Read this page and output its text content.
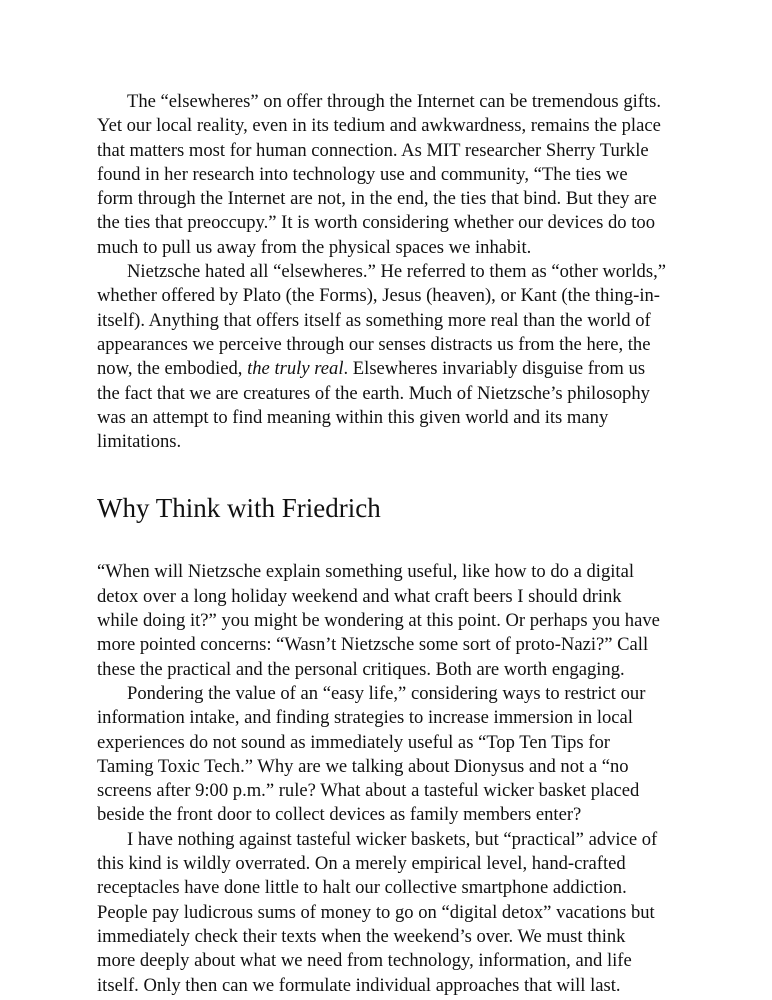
The “elsewheres” on offer through the Internet can be tremendous gifts.
Yet our local reality, even in its tedium and awkwardness, remains the place
that matters most for human connection. As MIT researcher Sherry Turkle
found in her research into technology use and community, “The ties we
form through the Internet are not, in the end, the ties that bind. But they are
the ties that preoccupy.” It is worth considering whether our devices do too
much to pull us away from the physical spaces we inhabit.

Nietzsche hated all “elsewheres.” He referred to them as “other worlds,”
whether offered by Plato (the Forms), Jesus (heaven), or Kant (the thing-in-
itself). Anything that offers itself as something more real than the world of
appearances we perceive through our senses distracts us from the here, the
now, the embodied, the truly real. Elsewheres invariably disguise from us
the fact that we are creatures of the earth. Much of Nietzsche’s philosophy
was an attempt to find meaning within this given world and its many
limitations.

Why Think with Friedrich

“When will Nietzsche explain something useful, like how to do a digital
detox over a long holiday weekend and what craft beers I should drink
while doing it?” you might be wondering at this point. Or perhaps you have
more pointed concerns: “Wasn’t Nietzsche some sort of proto-Nazi?” Call
these the practical and the personal critiques. Both are worth engaging.

Pondering the value of an “easy life,” considering ways to restrict our
information intake, and finding strategies to increase immersion in local
experiences do not sound as immediately useful as “Top Ten Tips for
Taming Toxic Tech.” Why are we talking about Dionysus and not a “no
screens after 9:00 p.m.” rule? What about a tasteful wicker basket placed
beside the front door to collect devices as family members enter?

I have nothing against tasteful wicker baskets, but “practical” advice of
this kind is wildly overrated. On a merely empirical level, hand-crafted
receptacles have done little to halt our collective smartphone addiction.
People pay ludicrous sums of money to go on “digital detox” vacations but
immediately check their texts when the weekend’s over. We must think
more deeply about what we need from technology, information, and life
itself. Only then can we formulate individual approaches that will last.
